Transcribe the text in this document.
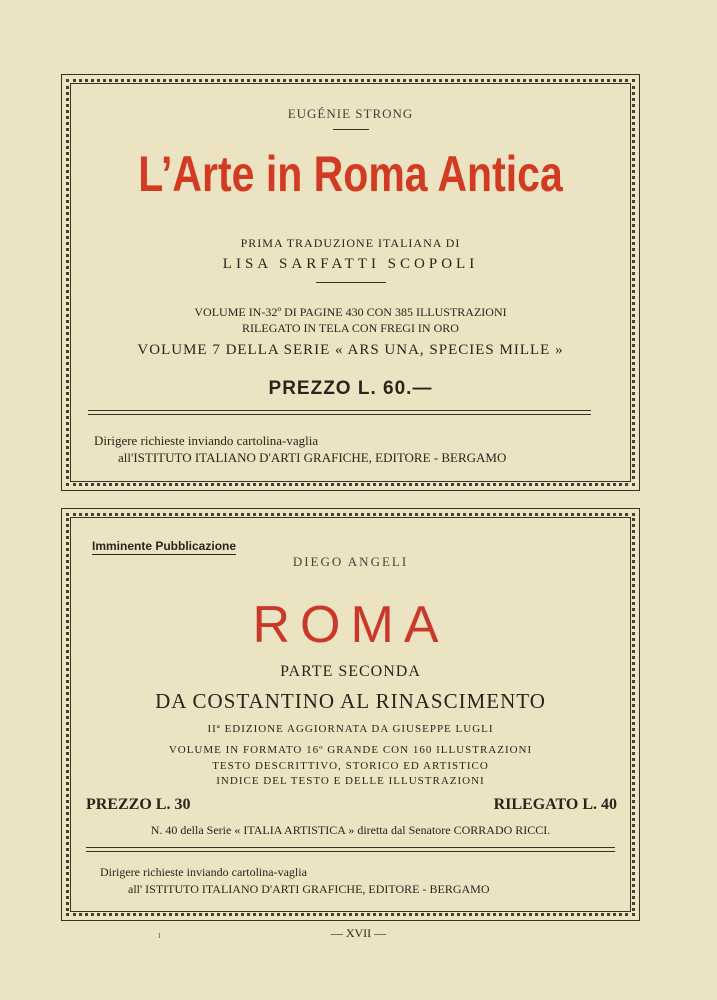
EUGÉNIE STRONG
L’Arte in Roma Antica
PRIMA TRADUZIONE ITALIANA DI
LISA SARFATTI SCOPOLI
VOLUME IN-32º DI PAGINE 430 CON 385 ILLUSTRAZIONI
RILEGATO IN TELA CON FREGI IN ORO
VOLUME 7 DELLA SERIE « ARS UNA, SPECIES MILLE »
PREZZO L. 60.—
Dirigere richieste inviando cartolina-vaglia
all'ISTITUTO ITALIANO D'ARTI GRAFICHE, EDITORE - BERGAMO
Imminente Pubblicazione
DIEGO ANGELI
ROMA
PARTE SECONDA
DA COSTANTINO AL RINASCIMENTO
IIª EDIZIONE AGGIORNATA DA GIUSEPPE LUGLI
VOLUME IN FORMATO 16º GRANDE CON 160 ILLUSTRAZIONI
TESTO DESCRITTIVO, STORICO ED ARTISTICO
INDICE DEL TESTO E DELLE ILLUSTRAZIONI
PREZZO L. 30	RILEGATO L. 40
N. 40 della Serie « ITALIA ARTISTICA » diretta dal Senatore CORRADO RICCI.
Dirigere richieste inviando cartolina-vaglia
all' ISTITUTO ITALIANO D'ARTI GRAFICHE, EDITORE - BERGAMO
ı	— XVII —
